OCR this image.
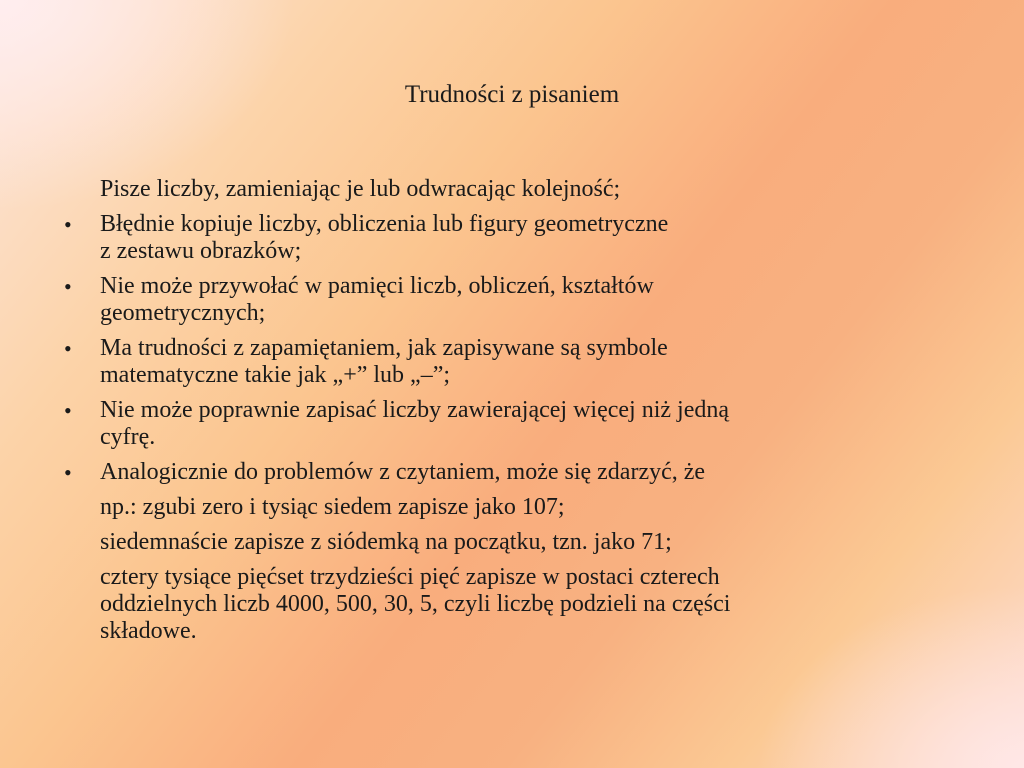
Trudności z pisaniem
Pisze liczby, zamieniając je lub odwracając kolejność;
•	Błędnie kopiuje liczby, obliczenia lub figury geometryczne
z zestawu obrazków;
•	Nie może przywołać w pamięci liczb, obliczeń, kształtów
geometrycznych;
•	Ma trudności z zapamiętaniem, jak zapisywane są symbole
matematyczne takie jak „+” lub „–”;
•	Nie może poprawnie zapisać liczby zawierającej więcej niż jedną
cyfrę.
•	Analogicznie do problemów z czytaniem, może się zdarzyć, że
np.: zgubi zero i tysiąc siedem zapisze jako 107;
siedemnaście zapisze z siódemką na początku, tzn. jako 71;
cztery tysiące pięćset trzydzieści pięć zapisze w postaci czterech
oddzielnych liczb 4000, 500, 30, 5, czyli liczbę podzieli na części
składowe.
